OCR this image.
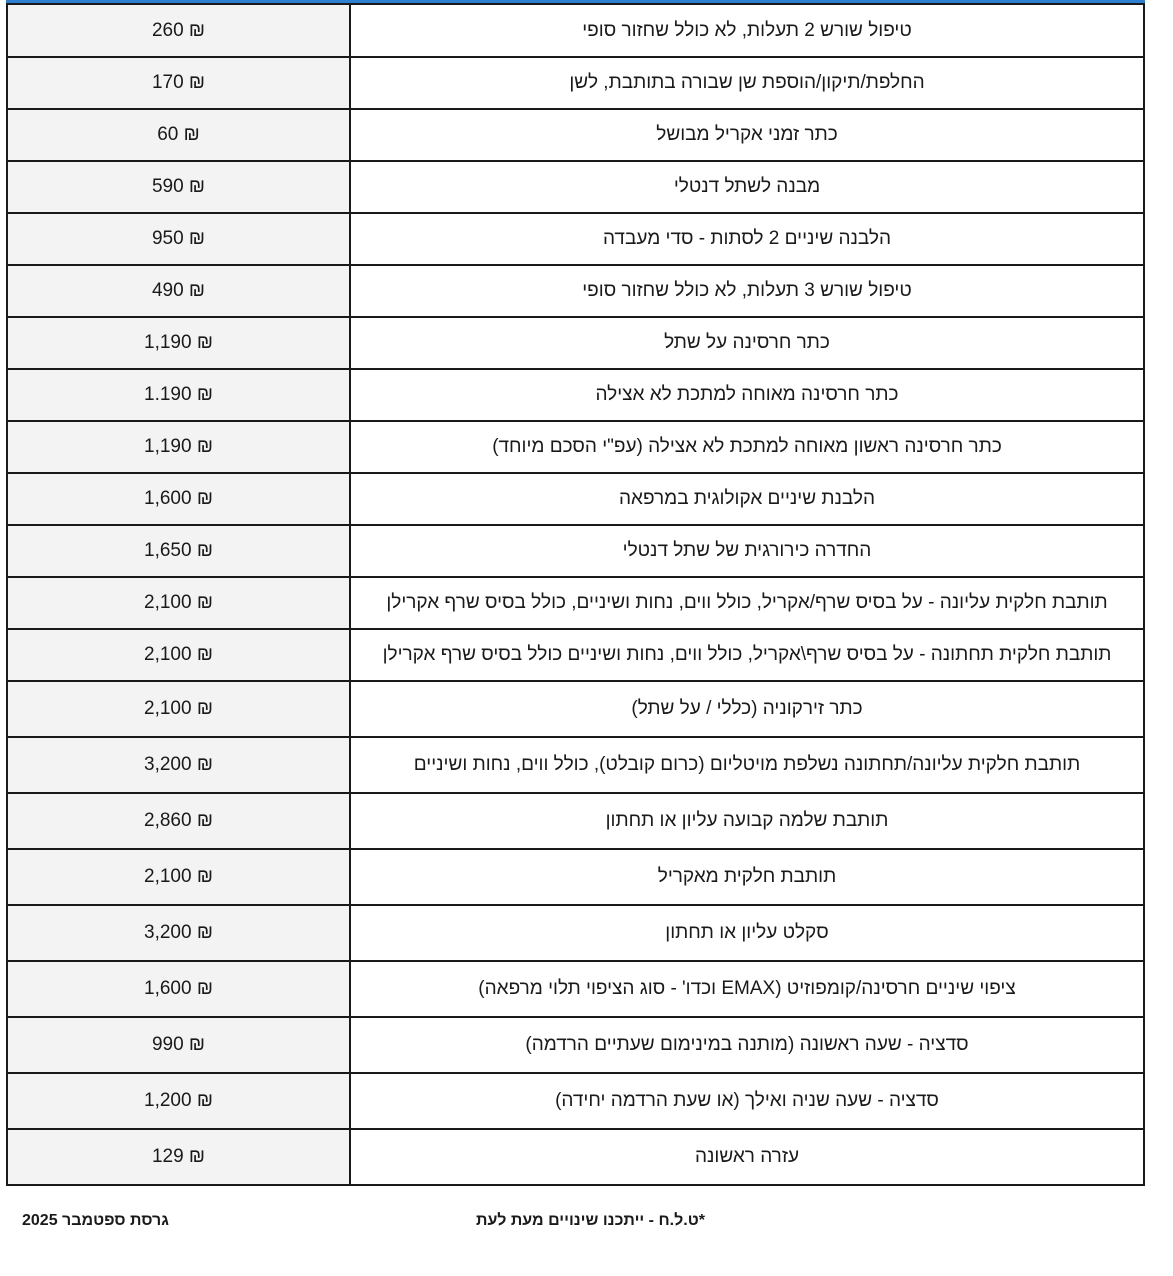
260 ₪	טיפול שורש 2 תעלות, לא כולל שחזור סופי
170 ₪	החלפת/תיקון/הוספת שן שבורה בתותבת, לשן
60 ₪	כתר זמני אקריל מבושל
590 ₪	מבנה לשתל דנטלי
950 ₪	הלבנה שיניים 2 לסתות - סדי מעבדה
490 ₪	טיפול שורש 3 תעלות, לא כולל שחזור סופי
1,190 ₪	כתר חרסינה על שתל
1.190 ₪	כתר חרסינה מאוחה למתכת לא אצילה
1,190 ₪	כתר חרסינה ראשון מאוחה למתכת לא אצילה (עפ"י הסכם מיוחד)
1,600 ₪	הלבנת שיניים אקולוגית במרפאה
1,650 ₪	החדרה כירורגית של שתל דנטלי
2,100 ₪	תותבת חלקית עליונה - על בסיס שרף/אקריל, כולל ווים, נחות ושיניים, כולל בסיס שרף אקרילן
2,100 ₪	תותבת חלקית תחתונה - על בסיס שרף\אקריל, כולל ווים, נחות ושיניים כולל בסיס שרף אקרילן
2,100 ₪	כתר זירקוניה (כללי / על שתל)
3,200 ₪	תותבת חלקית עליונה/תחתונה נשלפת מויטליום (כרום קובלט), כולל ווים, נחות ושיניים
2,860 ₪	תותבת שלמה קבועה עליון או תחתון
2,100 ₪	תותבת חלקית מאקריל
3,200 ₪	סקלט עליון או תחתון
1,600 ₪	ציפוי שיניים חרסינה/קומפוזיט (EMAX וכדו' - סוג הציפוי תלוי מרפאה)
990 ₪	סדציה - שעה ראשונה (מותנה במינימום שעתיים הרדמה)
1,200 ₪	סדציה - שעה שניה ואילך (או שעת הרדמה יחידה)
129 ₪	עזרה ראשונה
גרסת ספטמבר 2025	*ט.ל.ח - ייתכנו שינויים מעת לעת
